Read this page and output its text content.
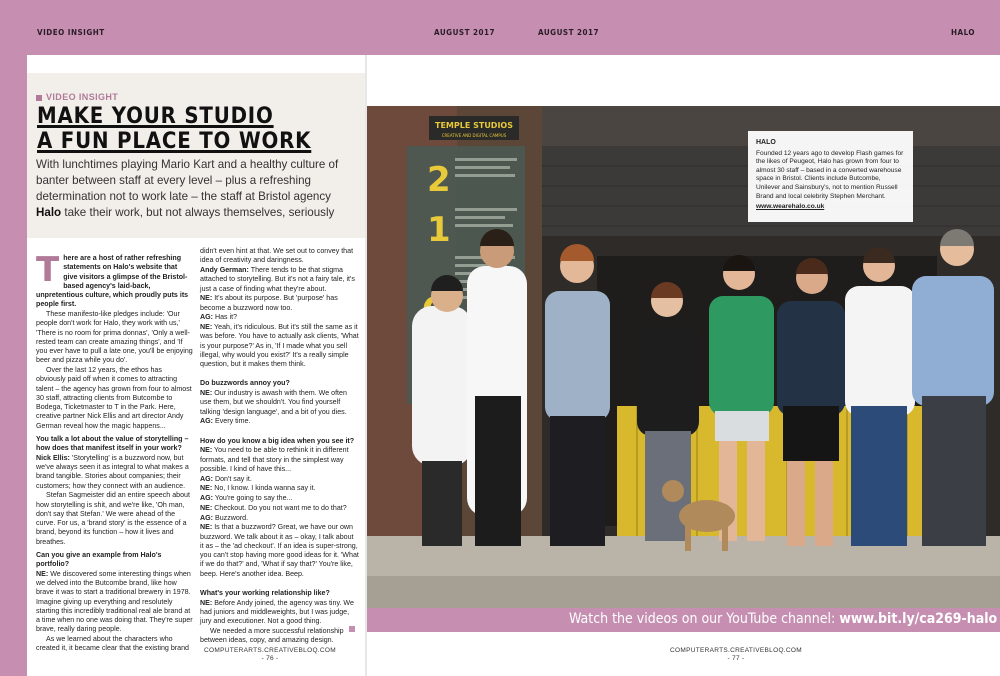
VIDEO INSIGHT	AUGUST 2017	AUGUST 2017	HALO
VIDEO INSIGHT
MAKE YOUR STUDIO
A FUN PLACE TO WORK
With lunchtimes playing Mario Kart and a healthy culture of banter between staff at every level – plus a refreshing determination not to work late – the staff at Bristol agency Halo take their work, but not always themselves, seriously

There are a host of rather refreshing statements on Halo's website that give visitors a glimpse of the Bristol-based agency's laid-back, unpretentious culture, which proudly puts its people first.

These manifesto-like pledges include: 'Our people don't work for Halo, they work with us,' 'There is no room for prima donnas', 'Only a well-rested team can create amazing things', and 'If you ever have to pull a late one, you'll be enjoying beer and pizza while you do'.

Over the last 12 years, the ethos has obviously paid off when it comes to attracting talent – the agency has grown from four to almost 30 staff, attracting clients from Butcombe to Bodega, Ticketmaster to T in the Park. Here, creative partner Nick Ellis and art director Andy German reveal how the magic happens...

You talk a lot about the value of storytelling – how does that manifest itself in your work?

Nick Ellis: 'Storytelling' is a buzzword now, but we've always seen it as integral to what makes a brand tangible. Stories about companies; their customers; how they connect with an audience.

Stefan Sagmeister did an entire speech about how storytelling is shit, and we're like, 'Oh man, don't say that Stefan.' We were ahead of the curve. For us, a 'brand story' is the essence of a brand, beyond its function – how it lives and breathes.

Can you give an example from Halo's portfolio?

NE: We discovered some interesting things when we delved into the Butcombe brand, like how brave it was to start a traditional brewery in 1978. Imagine giving up everything and resolutely starting this incredibly traditional real ale brand at a time when no one was doing that. They're super brave, really daring people.

As we learned about the characters who created it, it became clear that the existing brand

didn't even hint at that. We set out to convey that idea of creativity and daringness.

Andy German: There tends to be that stigma attached to storytelling. But it's not a fairy tale, it's just a case of finding what they're about.

NE: It's about its purpose. But 'purpose' has become a buzzword now too.

AG: Has it?

NE: Yeah, it's ridiculous. But it's still the same as it was before. You have to actually ask clients, 'What is your purpose?' As in, 'If I made what you sell illegal, why would you exist?' It's a really simple question, but it makes them think.

Do buzzwords annoy you?

NE: Our industry is awash with them. We often use them, but we shouldn't. You find yourself talking 'design language', and a bit of you dies.

AG: Every time.

How do you know a big idea when you see it?

NE: You need to be able to rethink it in different formats, and tell that story in the simplest way possible. I kind of have this...

AG: Don't say it.

NE: No, I know. I kinda wanna say it.

AG: You're going to say the...

NE: Checkout. Do you not want me to do that?

AG: Buzzword.

NE: Is that a buzzword? Great, we have our own buzzword. We talk about it as – okay, I talk about it as – the 'ad checkout'. If an idea is super-strong, you can't stop having more good ideas for it. 'What if we do that?' and, 'What if say that?' You're like, beep. Here's another idea. Beep.

What's your working relationship like?

NE: Before Andy joined, the agency was tiny. We had juniors and middleweights, but I was judge, jury and executioner. Not a good thing.

We needed a more successful relationship between ideas, copy, and amazing design.

TEMPLE STUDIOS
CREATIVE AND DIGITAL CAMPUS
2
1
HALO
Founded 12 years ago to develop Flash games for the likes of Peugeot, Halo has grown from four to almost 30 staff – based in a converted warehouse space in Bristol. Clients include Butcombe, Unilever and Sainsbury's, not to mention Russell Brand and local celebrity Stephen Merchant.
www.wearehalo.co.uk
Watch the videos on our YouTube channel: www.bit.ly/ca269-halo
COMPUTERARTS.CREATIVEBLOQ.COM
- 76 -
COMPUTERARTS.CREATIVEBLOQ.COM
- 77 -
